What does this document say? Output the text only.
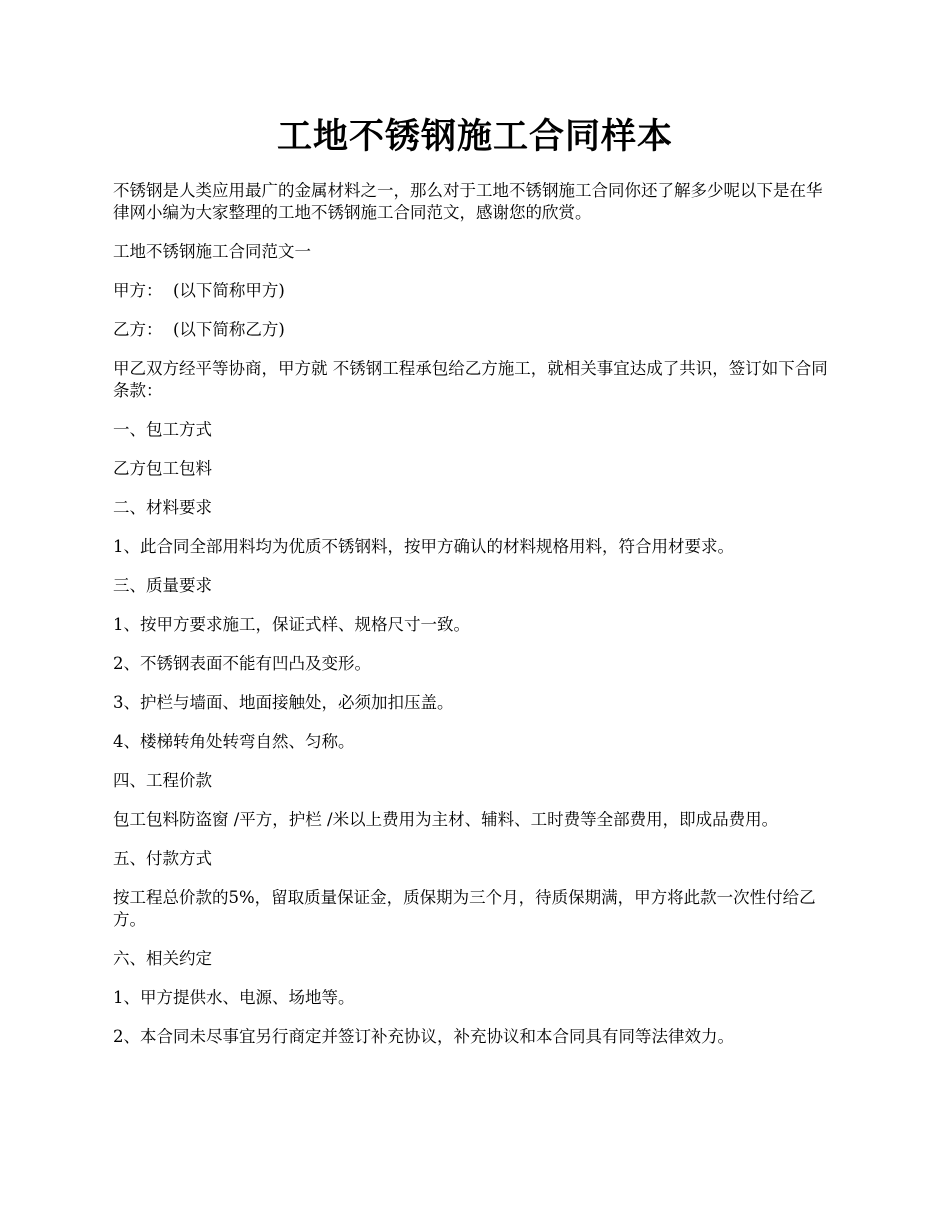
工地不锈钢施工合同样本

不锈钢是人类应用最广的金属材料之一，那么对于工地不锈钢施工合同你还了解多少呢以下是在华律网小编为大家整理的工地不锈钢施工合同范文，感谢您的欣赏。

工地不锈钢施工合同范文一

甲方：  (以下简称甲方)

乙方：  (以下简称乙方)

甲乙双方经平等协商，甲方就 不锈钢工程承包给乙方施工，就相关事宜达成了共识，签订如下合同条款：

一、包工方式

乙方包工包料

二、材料要求

1、此合同全部用料均为优质不锈钢料，按甲方确认的材料规格用料，符合用材要求。

三、质量要求

1、按甲方要求施工，保证式样、规格尺寸一致。

2、不锈钢表面不能有凹凸及变形。

3、护栏与墙面、地面接触处，必须加扣压盖。

4、楼梯转角处转弯自然、匀称。

四、工程价款

包工包料防盗窗 /平方，护栏 /米以上费用为主材、辅料、工时费等全部费用，即成品费用。

五、付款方式

按工程总价款的5%，留取质量保证金，质保期为三个月，待质保期满，甲方将此款一次性付给乙方。

六、相关约定

1、甲方提供水、电源、场地等。

2、本合同未尽事宜另行商定并签订补充协议，补充协议和本合同具有同等法律效力。
